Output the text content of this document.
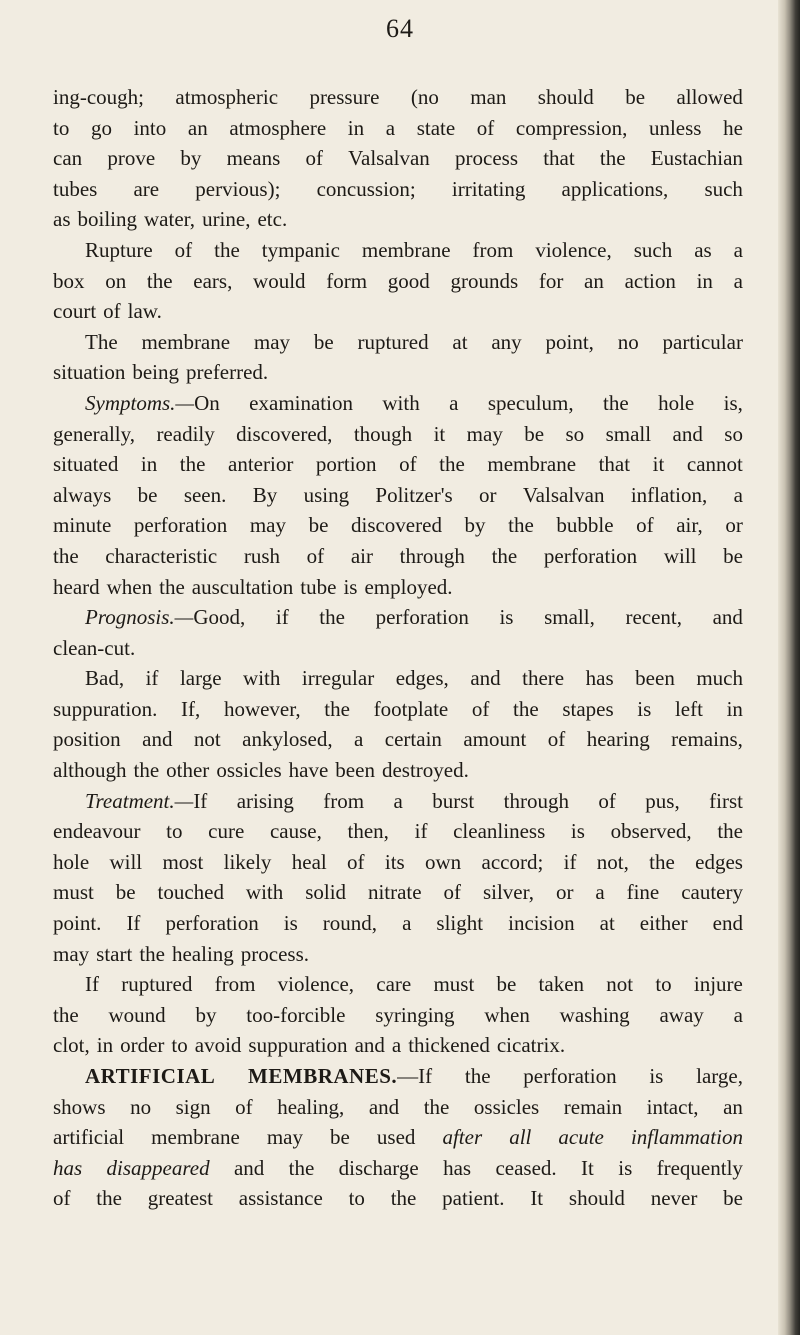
64
ing-cough; atmospheric pressure (no man should be allowed
to go into an atmosphere in a state of compression, unless he
can prove by means of Valsalvan process that the Eustachian
tubes are pervious); concussion; irritating applications, such
as boiling water, urine, etc.
Rupture of the tympanic membrane from violence, such as a
box on the ears, would form good grounds for an action in a
court of law.
The membrane may be ruptured at any point, no particular
situation being preferred.
Symptoms.—On examination with a speculum, the hole is,
generally, readily discovered, though it may be so small and so
situated in the anterior portion of the membrane that it cannot
always be seen. By using Politzer's or Valsalvan inflation, a
minute perforation may be discovered by the bubble of air, or
the characteristic rush of air through the perforation will be
heard when the auscultation tube is employed.
Prognosis.—Good, if the perforation is small, recent, and
clean-cut.
Bad, if large with irregular edges, and there has been much
suppuration. If, however, the footplate of the stapes is left in
position and not ankylosed, a certain amount of hearing remains,
although the other ossicles have been destroyed.
Treatment.—If arising from a burst through of pus, first
endeavour to cure cause, then, if cleanliness is observed, the
hole will most likely heal of its own accord; if not, the edges
must be touched with solid nitrate of silver, or a fine cautery
point. If perforation is round, a slight incision at either end
may start the healing process.
If ruptured from violence, care must be taken not to injure
the wound by too-forcible syringing when washing away a
clot, in order to avoid suppuration and a thickened cicatrix.
ARTIFICIAL MEMBRANES.—If the perforation is large,
shows no sign of healing, and the ossicles remain intact, an
artificial membrane may be used after all acute inflammation
has disappeared and the discharge has ceased. It is frequently
of the greatest assistance to the patient. It should never be
